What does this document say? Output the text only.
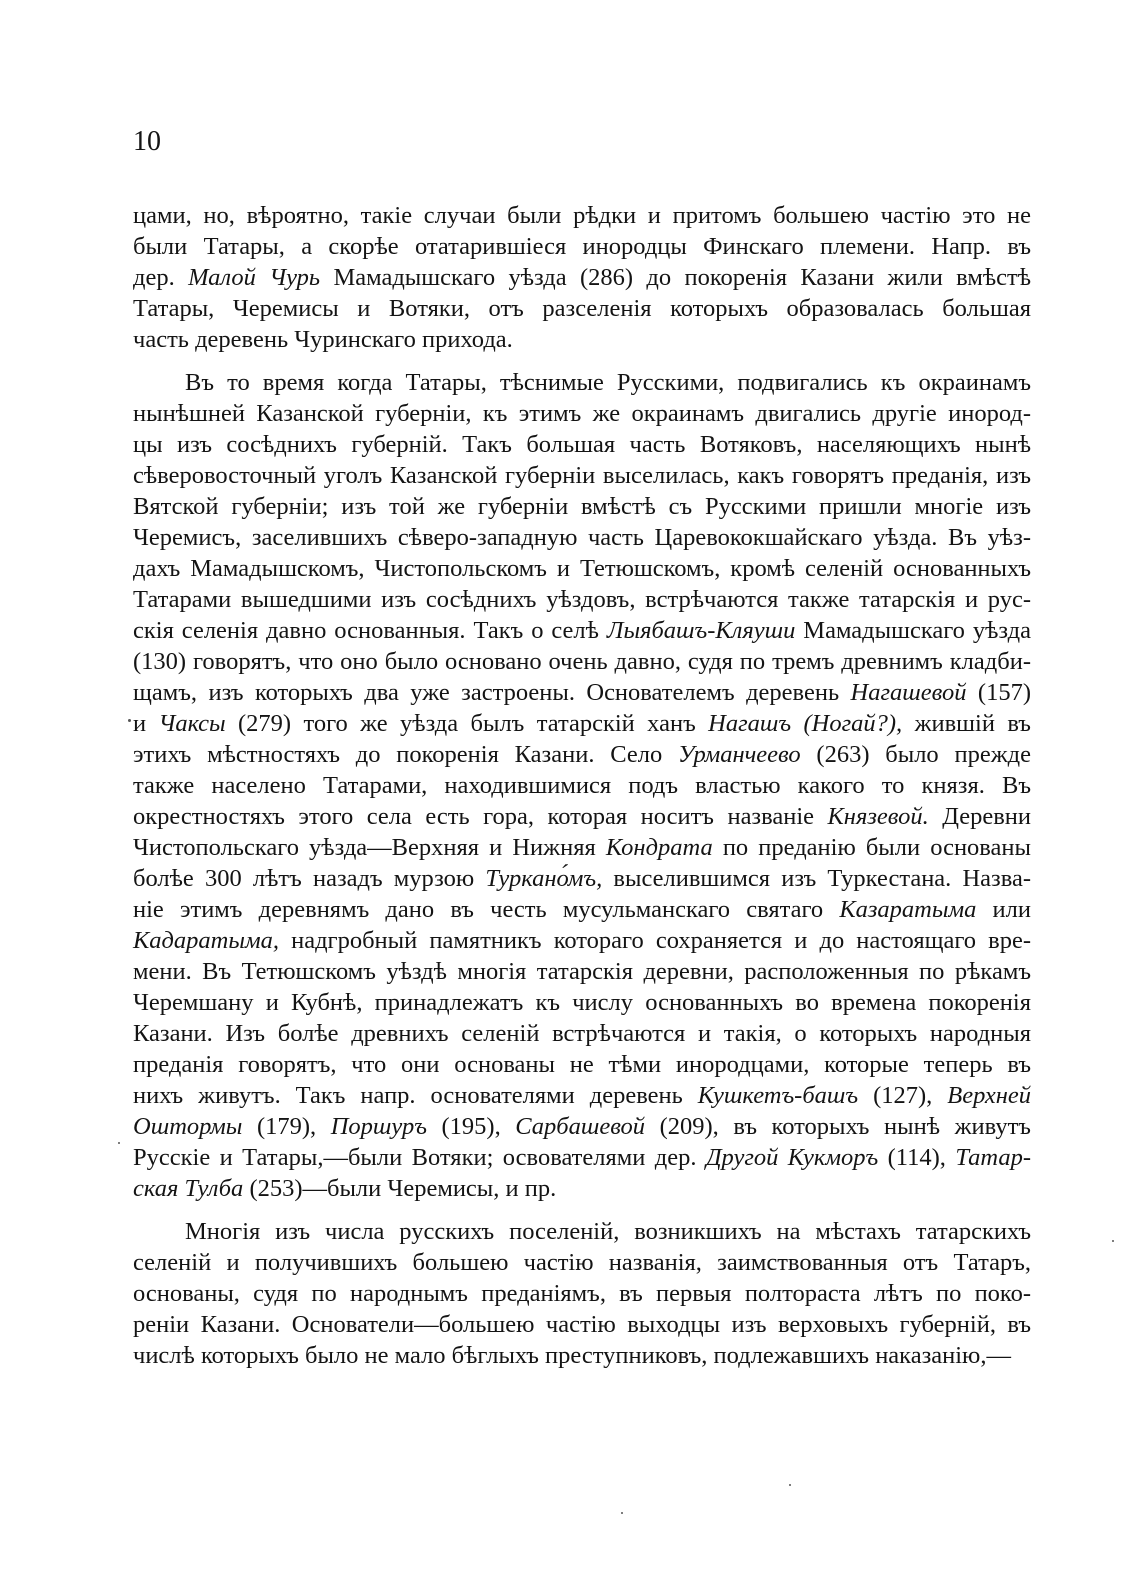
10
цами, но, вѣроятно, такіе случаи были рѣдки и притомъ большею частію это не
были Татары, а скорѣе отатарившіеся инородцы Финскаго племени. Напр. въ
дер. Малой Чурь Мамадышскаго уѣзда (286) до покоренія Казани жили вмѣстѣ
Татары, Черемисы и Вотяки, отъ разселенія которыхъ образовалась большая
часть деревень Чуринскаго прихода.
Въ то время когда Татары, тѣснимые Русскими, подвигались къ окраинамъ
нынѣшней Казанской губерніи, къ этимъ же окраинамъ двигались другіе инород-
цы изъ сосѣднихъ губерній. Такъ большая часть Вотяковъ, населяющихъ нынѣ
сѣверовосточный уголъ Казанской губерніи выселилась, какъ говорятъ преданія, изъ
Вятской губерніи; изъ той же губерніи вмѣстѣ съ Русскими пришли многіе изъ
Черемисъ, заселившихъ сѣверо-западную часть Царевококшайскаго уѣзда. Въ уѣз-
дахъ Мамадышскомъ, Чистопольскомъ и Тетюшскомъ, кромѣ селеній основанныхъ
Татарами вышедшими изъ сосѣднихъ уѣздовъ, встрѣчаются также татарскія и рус-
скія селенія давно основанныя. Такъ о селѣ Лыябашъ-Кляуши Мамадышскаго уѣзда
(130) говорятъ, что оно было основано очень давно, судя по тремъ древнимъ кладби-
щамъ, изъ которыхъ два уже застроены. Основателемъ деревень Нагашевой (157)
и Чаксы (279) того же уѣзда былъ татарскій ханъ Нагашъ (Ногай?), жившій въ
этихъ мѣстностяхъ до покоренія Казани. Село Урманчеево (263) было прежде
также населено Татарами, находившимися подъ властью какого то князя. Въ
окрестностяхъ этого села есть гора, которая носитъ названіе Князевой. Деревни
Чистопольскаго уѣзда—Верхняя и Нижняя Кондрата по преданію были основаны
болѣе 300 лѣтъ назадъ мурзою Туркано́мъ, выселившимся изъ Туркестана. Назва-
ніе этимъ деревнямъ дано въ честь мусульманскаго святаго Казаратыма или
Кадаратыма, надгробный памятникъ котораго сохраняется и до настоящаго вре-
мени. Въ Тетюшскомъ уѣздѣ многія татарскія деревни, расположенныя по рѣкамъ
Черемшану и Кубнѣ, принадлежатъ къ числу основанныхъ во времена покоренія
Казани. Изъ болѣе древнихъ селеній встрѣчаются и такія, о которыхъ народныя
преданія говорятъ, что они основаны не тѣми инородцами, которые теперь въ
нихъ живутъ. Такъ напр. основателями деревень Кушкетъ-башъ (127), Верхней
Оштормы (179), Поршуръ (195), Сарбашевой (209), въ которыхъ нынѣ живутъ
Русскіе и Татары,—были Вотяки; освователями дер. Другой Кукморъ (114), Татар-
ская Тулба (253)—были Черемисы, и пр.
Многія изъ числа русскихъ поселеній, возникшихъ на мѣстахъ татарскихъ
селеній и получившихъ большею частію названія, заимствованныя отъ Татаръ,
основаны, судя по народнымъ преданіямъ, въ первыя полтораста лѣтъ по поко-
реніи Казани. Основатели—большею частію выходцы изъ верховыхъ губерній, въ
числѣ которыхъ было не мало бѣглыхъ преступниковъ, подлежавшихъ наказанію,—
